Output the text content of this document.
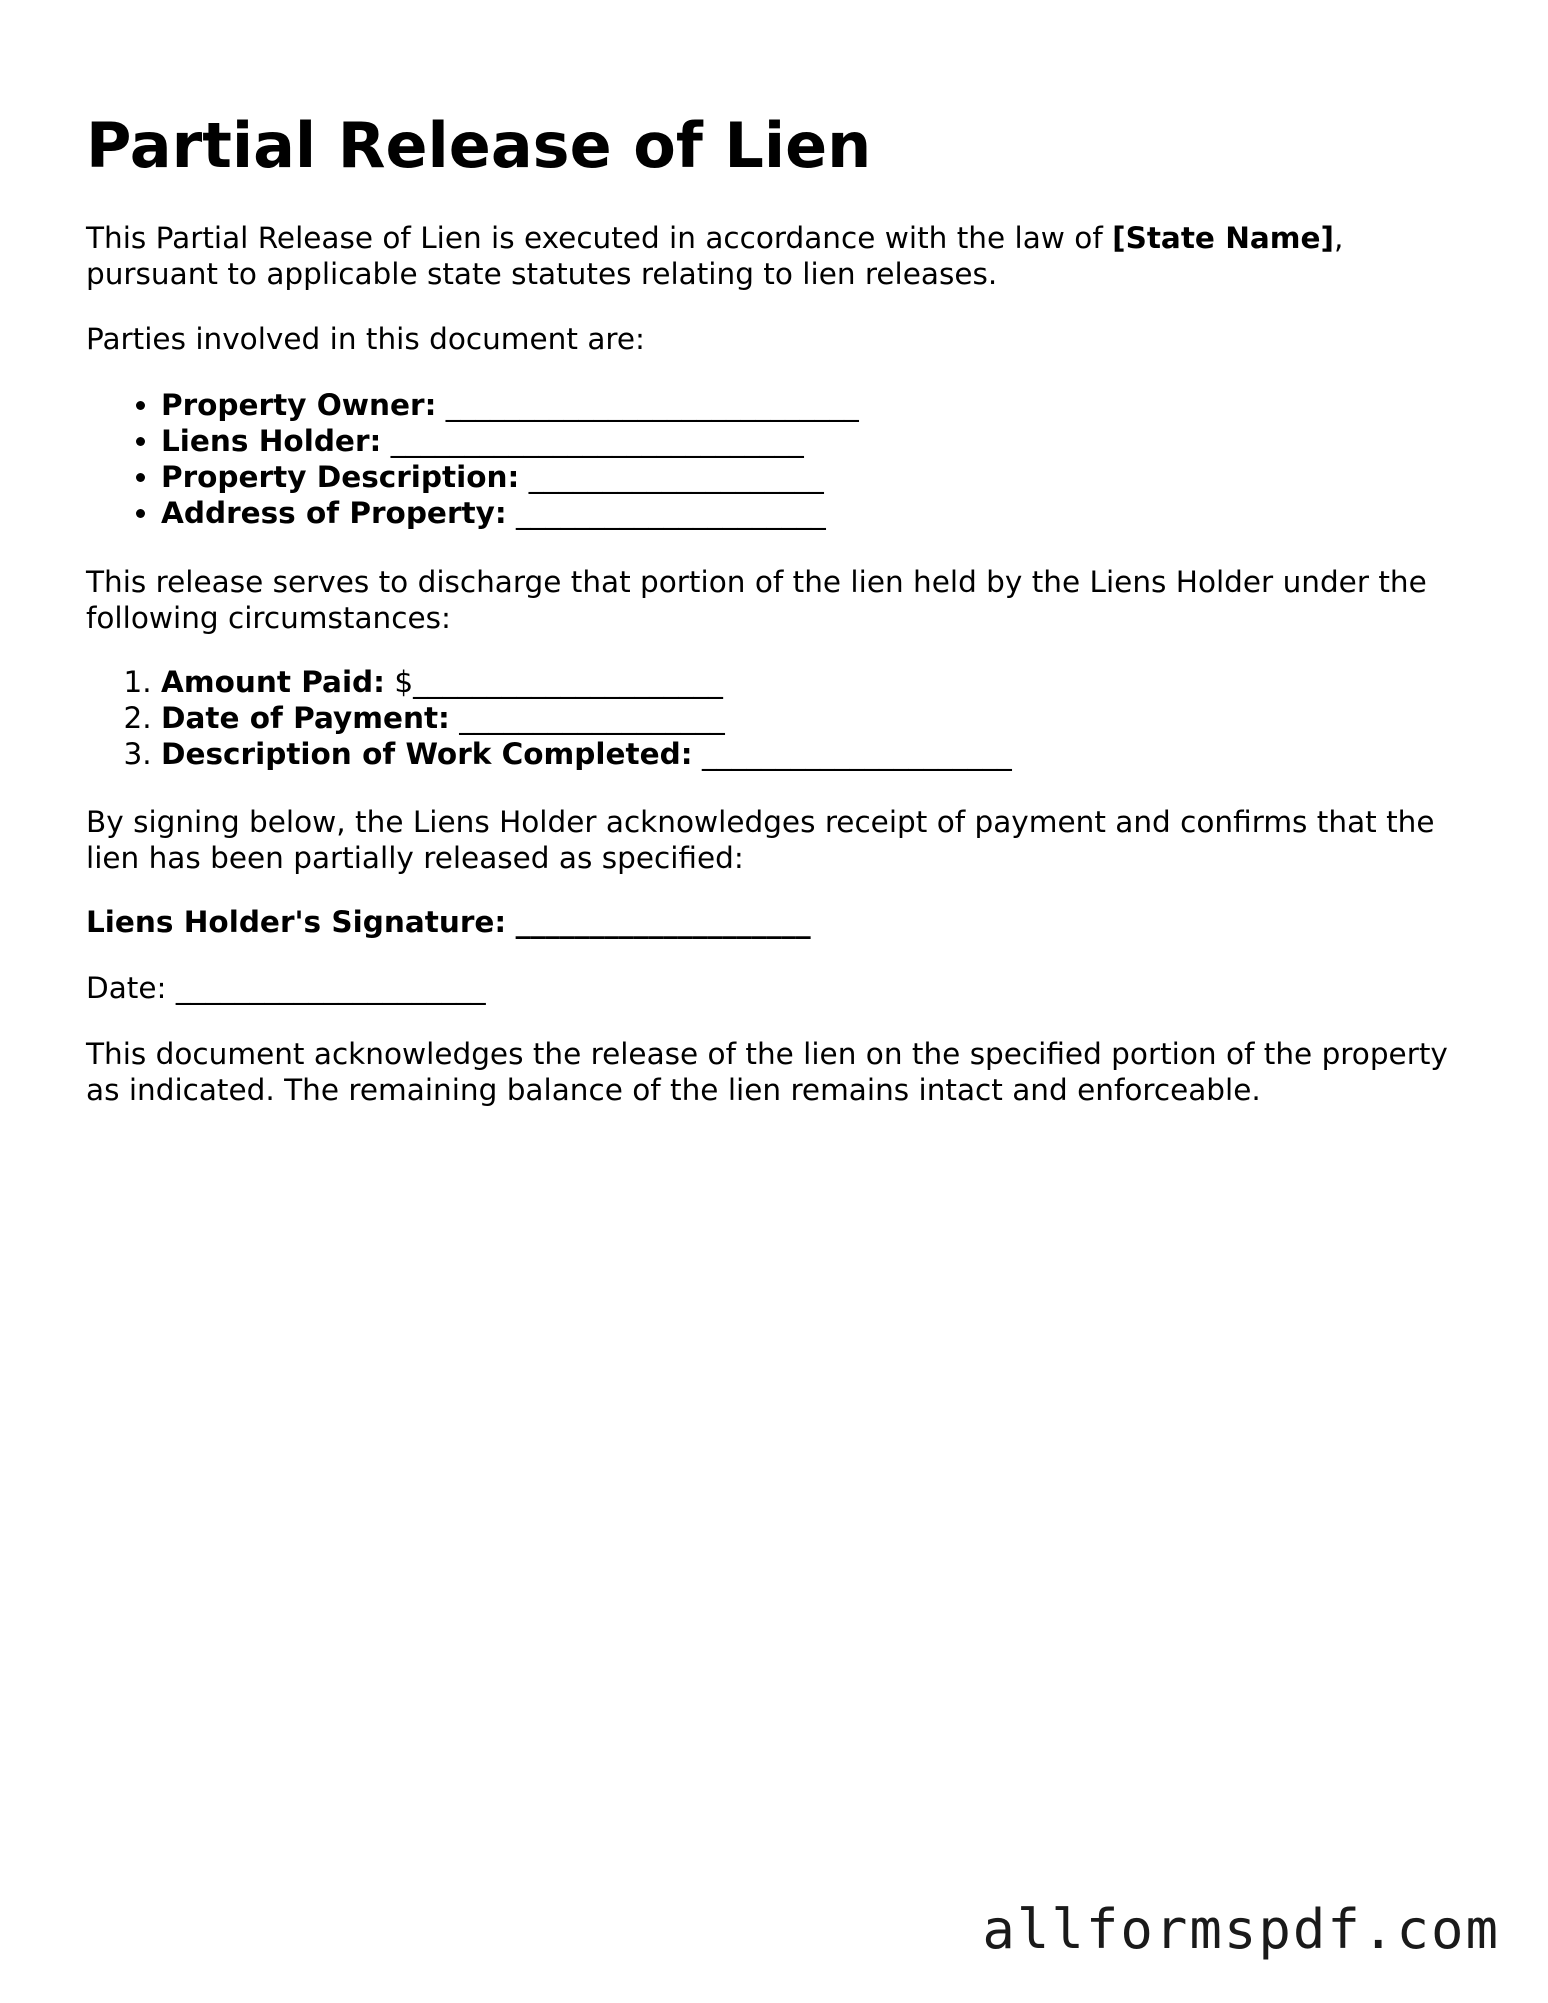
Partial Release of Lien

This Partial Release of Lien is executed in accordance with the law of [State Name], pursuant to applicable state statutes relating to lien releases.

Parties involved in this document are:

• Property Owner: ____________________________
• Liens Holder: ____________________________
• Property Description: ____________________
• Address of Property: _____________________

This release serves to discharge that portion of the lien held by the Liens Holder under the following circumstances:

1. Amount Paid: $_____________________
2. Date of Payment: __________________
3. Description of Work Completed: _____________________

By signing below, the Liens Holder acknowledges receipt of payment and confirms that the lien has been partially released as specified:

Liens Holder's Signature: ____________________

Date: _____________________

This document acknowledges the release of the lien on the specified portion of the property as indicated. The remaining balance of the lien remains intact and enforceable.

allformspdf.com
